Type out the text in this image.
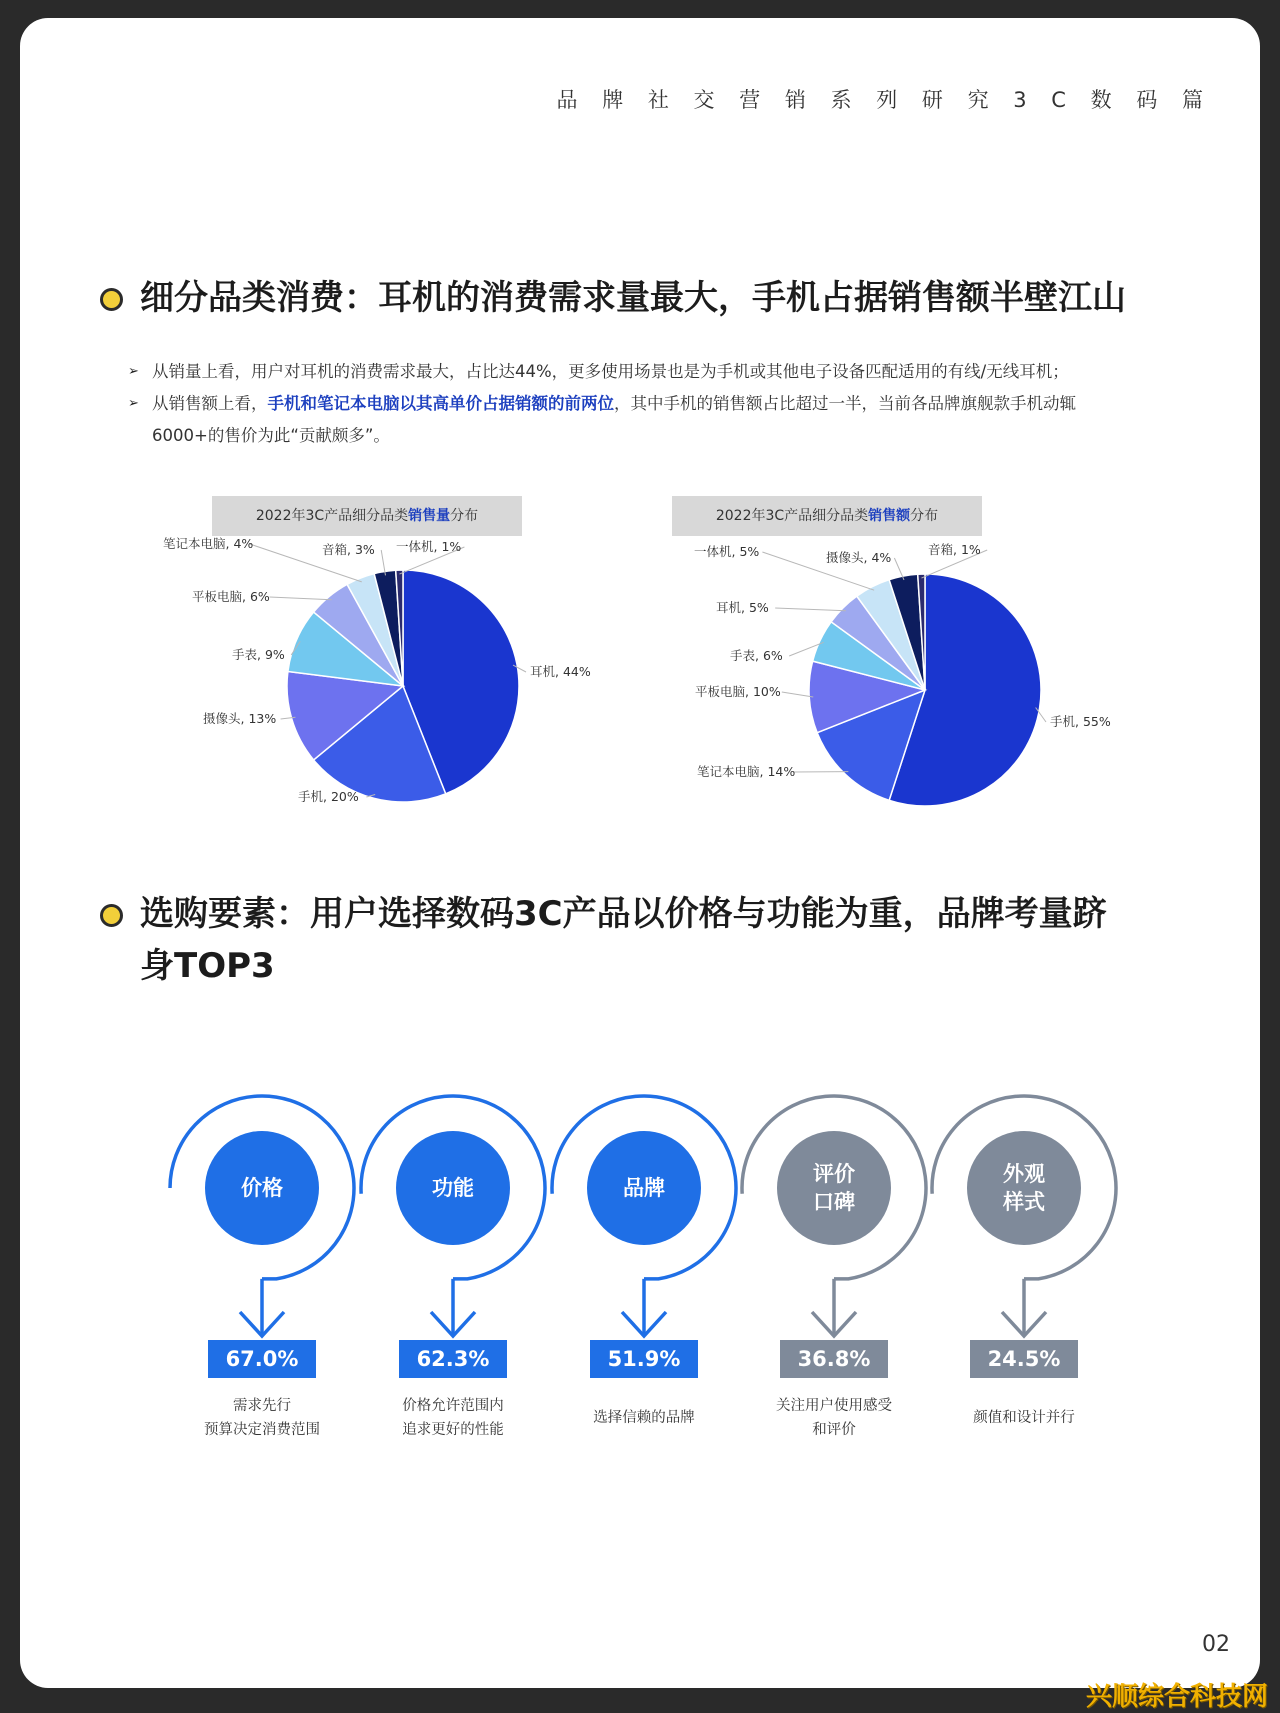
品 牌 社 交 营 销 系 列 研 究 3 C 数 码 篇
细分品类消费：耳机的消费需求量最大，手机占据销售额半壁江山
➢ 从销量上看，用户对耳机的消费需求最大，占比达44%，更多使用场景也是为手机或其他电子设备匹配适用的有线/无线耳机；
➢ 从销售额上看，手机和笔记本电脑以其高单价占据销额的前两位，其中手机的销售额占比超过一半，当前各品牌旗舰款手机动辄
6000+的售价为此“贡献颇多”。
2022年3C产品细分品类销售量分布	2022年3C产品细分品类销售额分布
耳机, 44%
手机, 20%
摄像头, 13%
手表, 9%
平板电脑, 6%
笔记本电脑, 4%	音箱, 3% 一体机, 1%
手机, 55%
笔记本电脑, 14%
平板电脑, 10%
手表, 6%
耳机, 5%
一体机, 5%	摄像头, 4%
音箱, 1%
选购要素：用户选择数码3C产品以价格与功能为重，品牌考量跻身TOP3
价格
67.0%
需求先行
预算决定消费范围
功能
62.3%
价格允许范围内
追求更好的性能
品牌
51.9%
选择信赖的品牌
评价
口碑
36.8%
关注用户使用感受
和评价
外观
样式
24.5%
颜值和设计并行
02
兴顺综合科技网
